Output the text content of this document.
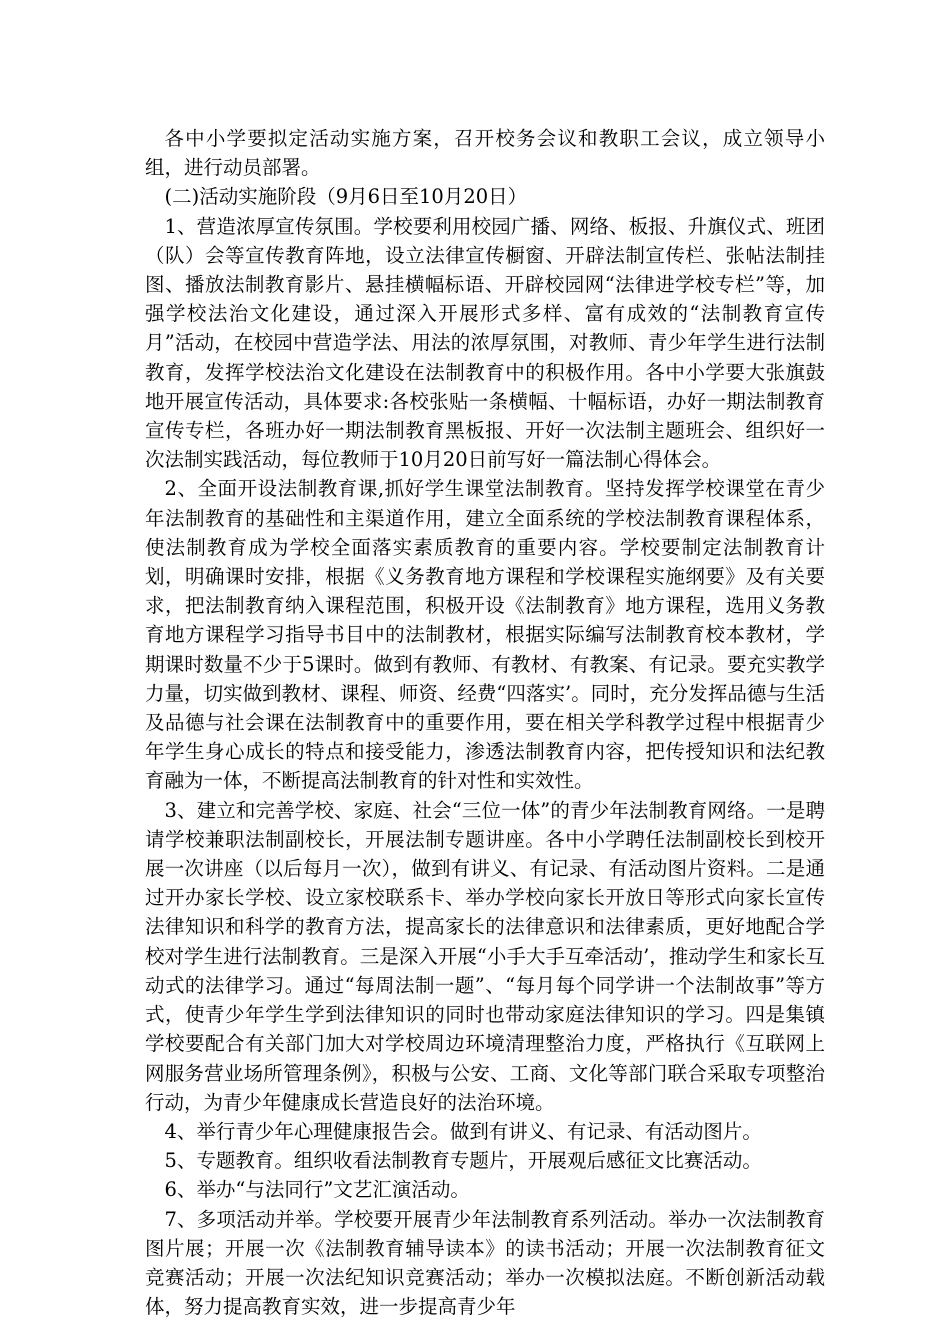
各中小学要拟定活动实施方案，召开校务会议和教职工会议，成立领导小组，进行动员部署。

(二)活动实施阶段（9月6日至10月20日）

1、营造浓厚宣传氛围。学校要利用校园广播、网络、板报、升旗仪式、班团（队）会等宣传教育阵地，设立法律宣传橱窗、开辟法制宣传栏、张帖法制挂图、播放法制教育影片、悬挂横幅标语、开辟校园网“法律进学校专栏”等，加强学校法治文化建设，通过深入开展形式多样、富有成效的“法制教育宣传月”活动，在校园中营造学法、用法的浓厚氛围，对教师、青少年学生进行法制教育，发挥学校法治文化建设在法制教育中的积极作用。各中小学要大张旗鼓地开展宣传活动，具体要求:各校张贴一条横幅、十幅标语，办好一期法制教育宣传专栏，各班办好一期法制教育黑板报、开好一次法制主题班会、组织好一次法制实践活动，每位教师于10月20日前写好一篇法制心得体会。

2、全面开设法制教育课,抓好学生课堂法制教育。坚持发挥学校课堂在青少年法制教育的基础性和主渠道作用，建立全面系统的学校法制教育课程体系，使法制教育成为学校全面落实素质教育的重要内容。学校要制定法制教育计划，明确课时安排，根据《义务教育地方课程和学校课程实施纲要》及有关要求，把法制教育纳入课程范围，积极开设《法制教育》地方课程，选用义务教育地方课程学习指导书目中的法制教材，根据实际编写法制教育校本教材，学期课时数量不少于5课时。做到有教师、有教材、有教案、有记录。要充实教学力量，切实做到教材、课程、师资、经费“四落实’。同时，充分发挥品德与生活及品德与社会课在法制教育中的重要作用，要在相关学科教学过程中根据青少年学生身心成长的特点和接受能力，渗透法制教育内容，把传授知识和法纪教育融为一体，不断提高法制教育的针对性和实效性。

3、建立和完善学校、家庭、社会“三位一体”的青少年法制教育网络。一是聘请学校兼职法制副校长，开展法制专题讲座。各中小学聘任法制副校长到校开展一次讲座（以后每月一次），做到有讲义、有记录、有活动图片资料。二是通过开办家长学校、设立家校联系卡、举办学校向家长开放日等形式向家长宣传法律知识和科学的教育方法，提高家长的法律意识和法律素质，更好地配合学校对学生进行法制教育。三是深入开展“小手大手互牵活动’，推动学生和家长互动式的法律学习。通过“每周法制一题”、“每月每个同学讲一个法制故事”等方式，使青少年学生学到法律知识的同时也带动家庭法律知识的学习。四是集镇学校要配合有关部门加大对学校周边环境清理整治力度，严格执行《互联网上网服务营业场所管理条例》，积极与公安、工商、文化等部门联合采取专项整治行动，为青少年健康成长营造良好的法治环境。

4、举行青少年心理健康报告会。做到有讲义、有记录、有活动图片。

5、专题教育。组织收看法制教育专题片，开展观后感征文比赛活动。

6、举办“与法同行”文艺汇演活动。

7、多项活动并举。学校要开展青少年法制教育系列活动。举办一次法制教育图片展；开展一次《法制教育辅导读本》的读书活动；开展一次法制教育征文竞赛活动；开展一次法纪知识竞赛活动；举办一次模拟法庭。不断创新活动载体，努力提高教育实效，进一步提高青少年
